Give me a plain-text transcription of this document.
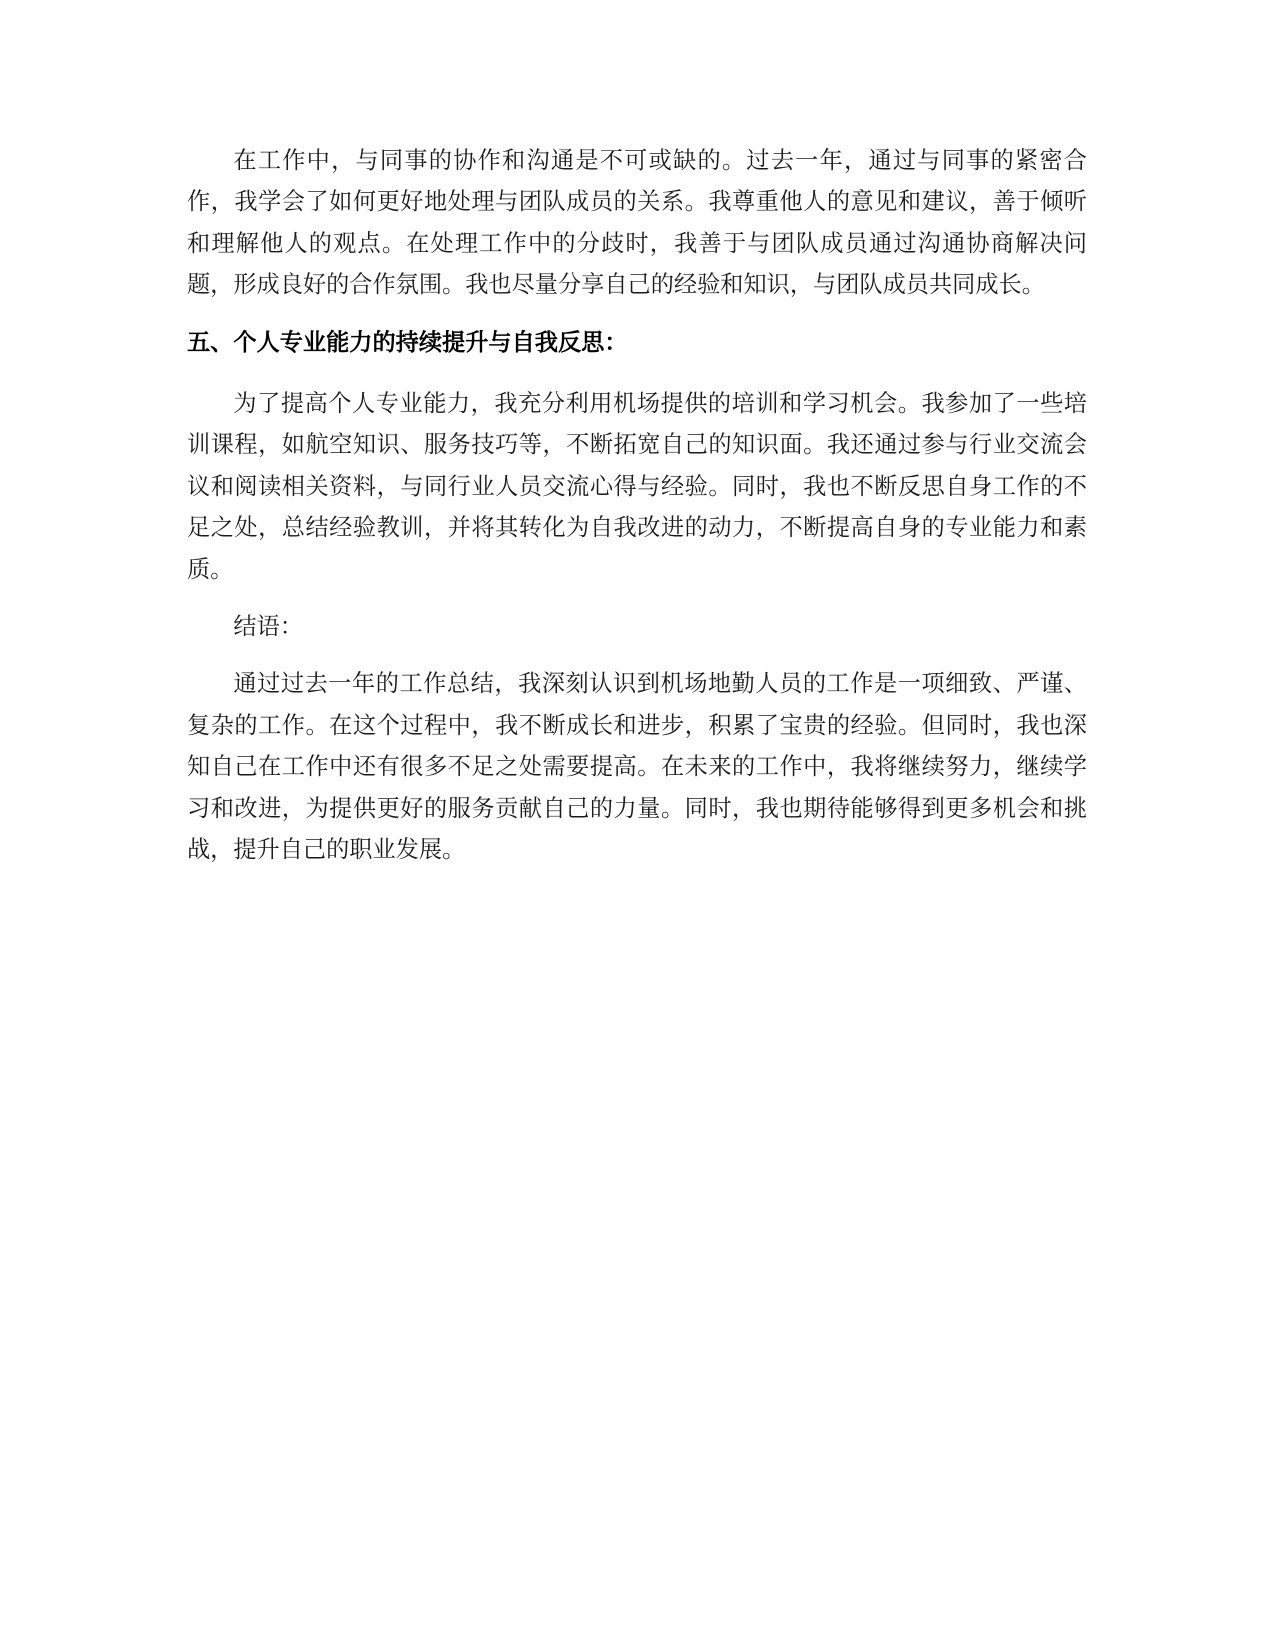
在工作中，与同事的协作和沟通是不可或缺的。过去一年，通过与同事的紧密合作，我学会了如何更好地处理与团队成员的关系。我尊重他人的意见和建议，善于倾听和理解他人的观点。在处理工作中的分歧时，我善于与团队成员通过沟通协商解决问题，形成良好的合作氛围。我也尽量分享自己的经验和知识，与团队成员共同成长。

五、个人专业能力的持续提升与自我反思：

为了提高个人专业能力，我充分利用机场提供的培训和学习机会。我参加了一些培训课程，如航空知识、服务技巧等，不断拓宽自己的知识面。我还通过参与行业交流会议和阅读相关资料，与同行业人员交流心得与经验。同时，我也不断反思自身工作的不足之处，总结经验教训，并将其转化为自我改进的动力，不断提高自身的专业能力和素质。

结语：

通过过去一年的工作总结，我深刻认识到机场地勤人员的工作是一项细致、严谨、复杂的工作。在这个过程中，我不断成长和进步，积累了宝贵的经验。但同时，我也深知自己在工作中还有很多不足之处需要提高。在未来的工作中，我将继续努力，继续学习和改进，为提供更好的服务贡献自己的力量。同时，我也期待能够得到更多机会和挑战，提升自己的职业发展。
